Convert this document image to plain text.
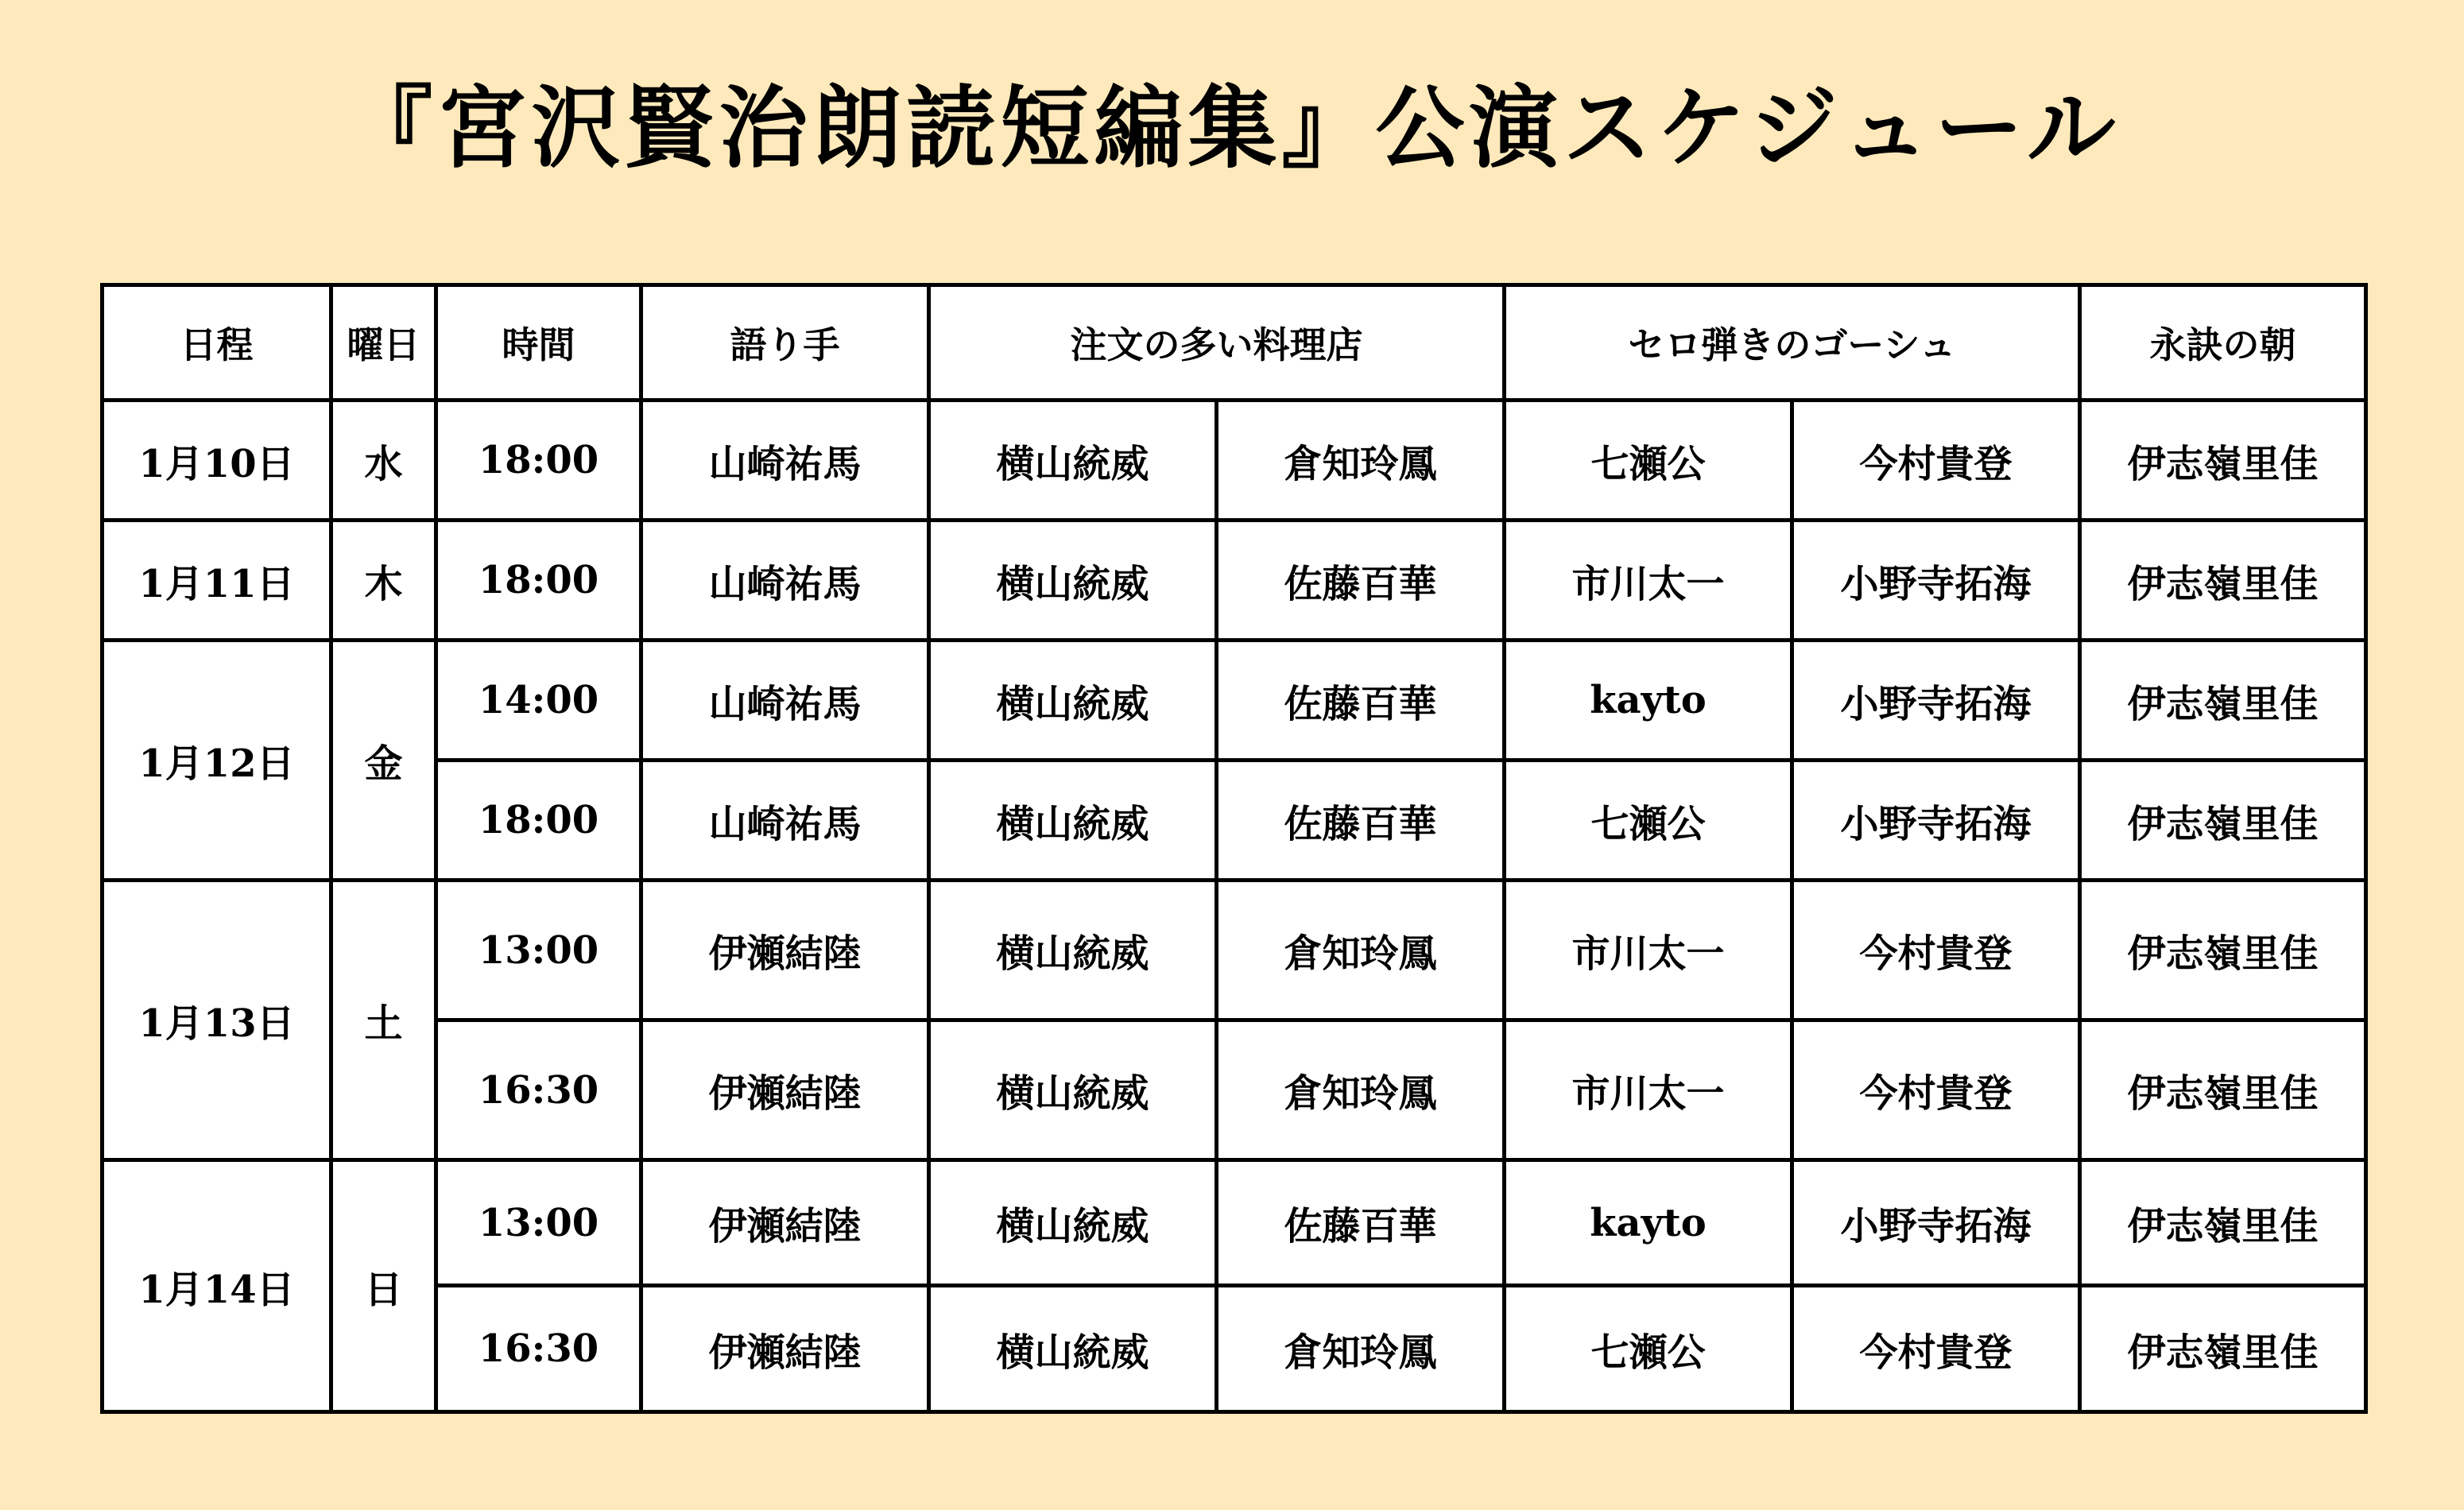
『宮沢賢治朗読短編集』公演スケジュール
日程	曜日	時間	語り手	注文の多い料理店		セロ弾きのゴーシュ		永訣の朝
1月10日	水	18:00	山崎祐馬	横山統威	倉知玲鳳	七瀬公	今村貴登	伊志嶺里佳
1月11日	木	18:00	山崎祐馬	横山統威	佐藤百華	市川太一	小野寺拓海	伊志嶺里佳
1月12日	金	14:00	山崎祐馬	横山統威	佐藤百華	kayto	小野寺拓海	伊志嶺里佳
		18:00	山崎祐馬	横山統威	佐藤百華	七瀬公	小野寺拓海	伊志嶺里佳
1月13日	土	13:00	伊瀬結陸	横山統威	倉知玲鳳	市川太一	今村貴登	伊志嶺里佳
		16:30	伊瀬結陸	横山統威	倉知玲鳳	市川太一	今村貴登	伊志嶺里佳
1月14日	日	13:00	伊瀬結陸	横山統威	佐藤百華	kayto	小野寺拓海	伊志嶺里佳
		16:30	伊瀬結陸	横山統威	倉知玲鳳	七瀬公	今村貴登	伊志嶺里佳
